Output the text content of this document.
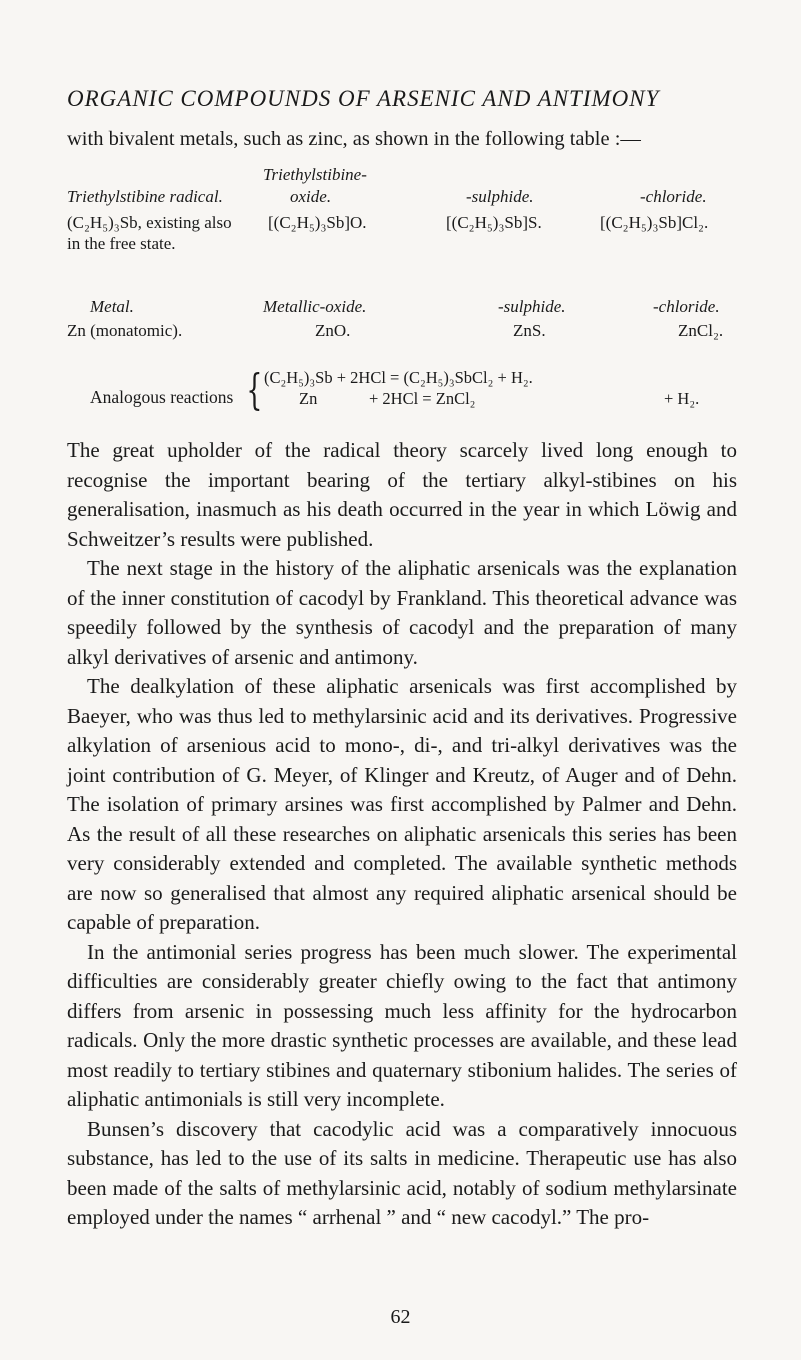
ORGANIC COMPOUNDS OF ARSENIC AND ANTIMONY
with bivalent metals, such as zinc, as shown in the following table :—
Triethylstibine-
Triethylstibine radical.	oxide.	-sulphide.	-chloride.
(C₂H₅)₃Sb, existing also
in the free state.
[(C₂H₅)₃Sb]O.	[(C₂H₅)₃Sb]S.	[(C₂H₅)₃Sb]Cl₂.
Metal.	Metallic-oxide.	-sulphide.	-chloride.
Zn (monatomic).	ZnO.	ZnS.	ZnCl₂.
Analogous reactions { (C₂H₅)₃Sb + 2HCl = (C₂H₅)₃SbCl₂ + H₂.
Zn	+ 2HCl = ZnCl₂	+ H₂.

The great upholder of the radical theory scarcely lived long enough to recognise the important bearing of the tertiary alkyl-stibines on his generalisation, inasmuch as his death occurred in the year in which Löwig and Schweitzer’s results were published.

The next stage in the history of the aliphatic arsenicals was the explanation of the inner constitution of cacodyl by Frankland. This theoretical advance was speedily followed by the synthesis of cacodyl and the preparation of many alkyl derivatives of arsenic and antimony.

The dealkylation of these aliphatic arsenicals was first accomplished by Baeyer, who was thus led to methylarsinic acid and its derivatives. Progressive alkylation of arsenious acid to mono-, di-, and tri-alkyl derivatives was the joint contribution of G. Meyer, of Klinger and Kreutz, of Auger and of Dehn. The isolation of primary arsines was first accomplished by Palmer and Dehn. As the result of all these researches on aliphatic arsenicals this series has been very considerably extended and completed. The available synthetic methods are now so generalised that almost any required aliphatic arsenical should be capable of preparation.

In the antimonial series progress has been much slower. The experimental difficulties are considerably greater chiefly owing to the fact that antimony differs from arsenic in possessing much less affinity for the hydrocarbon radicals. Only the more drastic synthetic processes are available, and these lead most readily to tertiary stibines and quaternary stibonium halides. The series of aliphatic antimonials is still very incomplete.

Bunsen’s discovery that cacodylic acid was a comparatively innocuous substance, has led to the use of its salts in medicine. Therapeutic use has also been made of the salts of methylarsinic acid, notably of sodium methylarsinate employed under the names “ arrhenal ” and “ new cacodyl.” The pro-

62
